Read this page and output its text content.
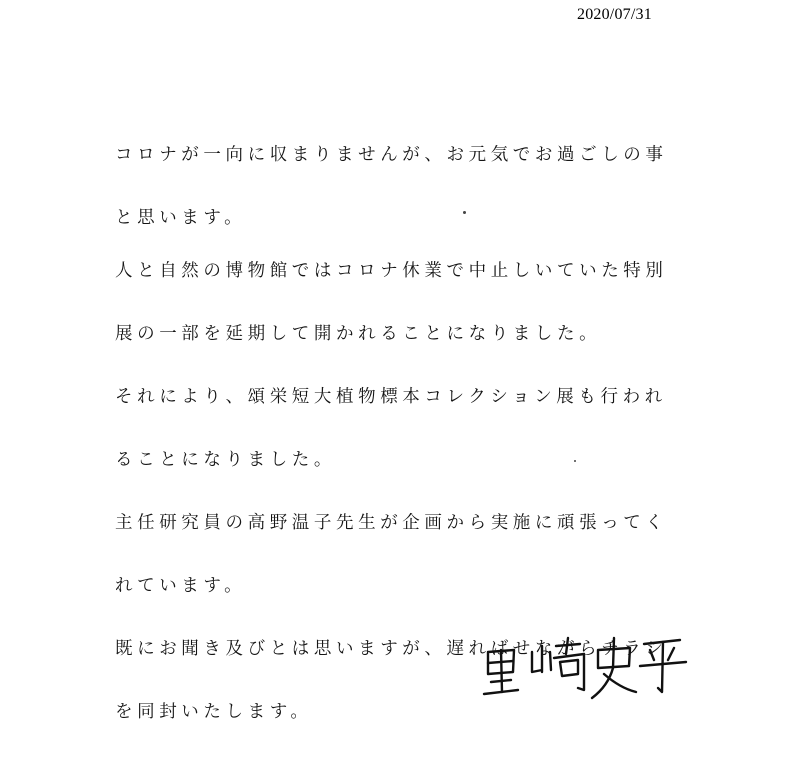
2020/07/31
コロナが一向に収まりませんが、お元気でお過ごしの事
と思います。
人と自然の博物館ではコロナ休業で中止しいていた特別
展の一部を延期して開かれることになりました。
それにより、頌栄短大植物標本コレクション展も行われ
ることになりました。
主任研究員の高野温子先生が企画から実施に頑張ってく
れています。
既にお聞き及びとは思いますが、遅ればせながらチラシ
を同封いたします。
